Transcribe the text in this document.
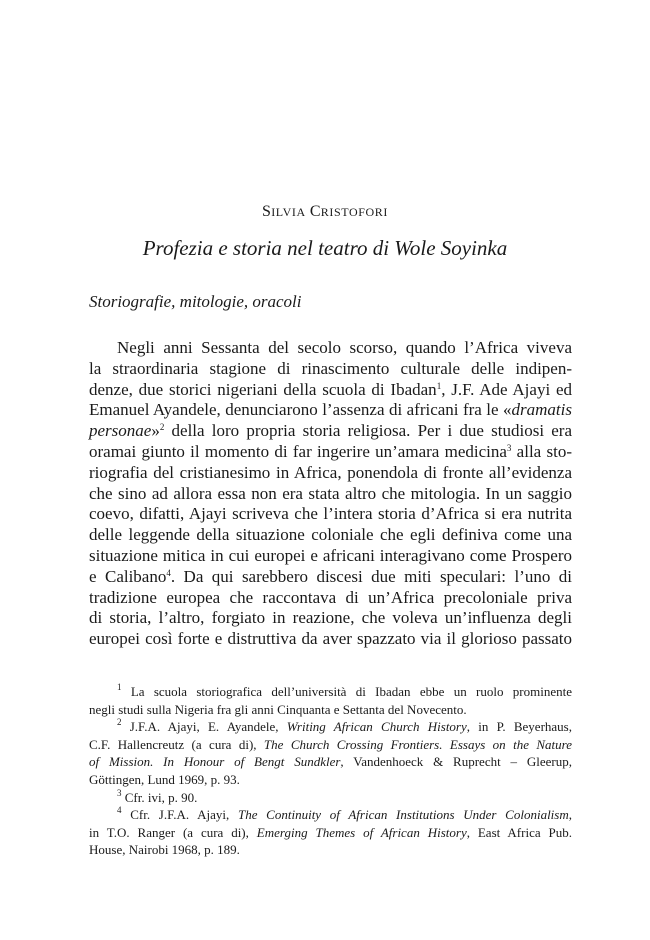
SILVIA CRISTOFORI
Profezia e storia nel teatro di Wole Soyinka
Storiografie, mitologie, oracoli
Negli anni Sessanta del secolo scorso, quando l’Africa viveva
la straordinaria stagione di rinascimento culturale delle indipen-
denze, due storici nigeriani della scuola di Ibadan$^1$, J.F. Ade Ajayi ed
Emanuel Ayandele, denunciarono l’assenza di africani fra le «dramatis
personae»$^2$ della loro propria storia religiosa. Per i due studiosi era
oramai giunto il momento di far ingerire un’amara medicina$^3$ alla sto-
riografia del cristianesimo in Africa, ponendola di fronte all’evidenza
che sino ad allora essa non era stata altro che mitologia. In un saggio
coevo, difatti, Ajayi scriveva che l’intera storia d’Africa si era nutrita
delle leggende della situazione coloniale che egli definiva come una
situazione mitica in cui europei e africani interagivano come Prospero
e Calibano$^4$. Da qui sarebbero discesi due miti speculari: l’uno di
tradizione europea che raccontava di un’Africa precoloniale priva
di storia, l’altro, forgiato in reazione, che voleva un’influenza degli
europei così forte e distruttiva da aver spazzato via il glorioso passato
$^1$ La scuola storiografica dell’università di Ibadan ebbe un ruolo prominente
negli studi sulla Nigeria fra gli anni Cinquanta e Settanta del Novecento.
$^2$ J.F.A. Ajayi, E. Ayandele, Writing African Church History, in P. Beyerhaus,
C.F. Hallencreutz (a cura di), The Church Crossing Frontiers. Essays on the Nature
of Mission. In Honour of Bengt Sundkler, Vandenhoeck & Ruprecht – Gleerup,
Göttingen, Lund 1969, p. 93.
$^3$ Cfr. ivi, p. 90.
$^4$ Cfr. J.F.A. Ajayi, The Continuity of African Institutions Under Colonialism,
in T.O. Ranger (a cura di), Emerging Themes of African History, East Africa Pub.
House, Nairobi 1968, p. 189.
